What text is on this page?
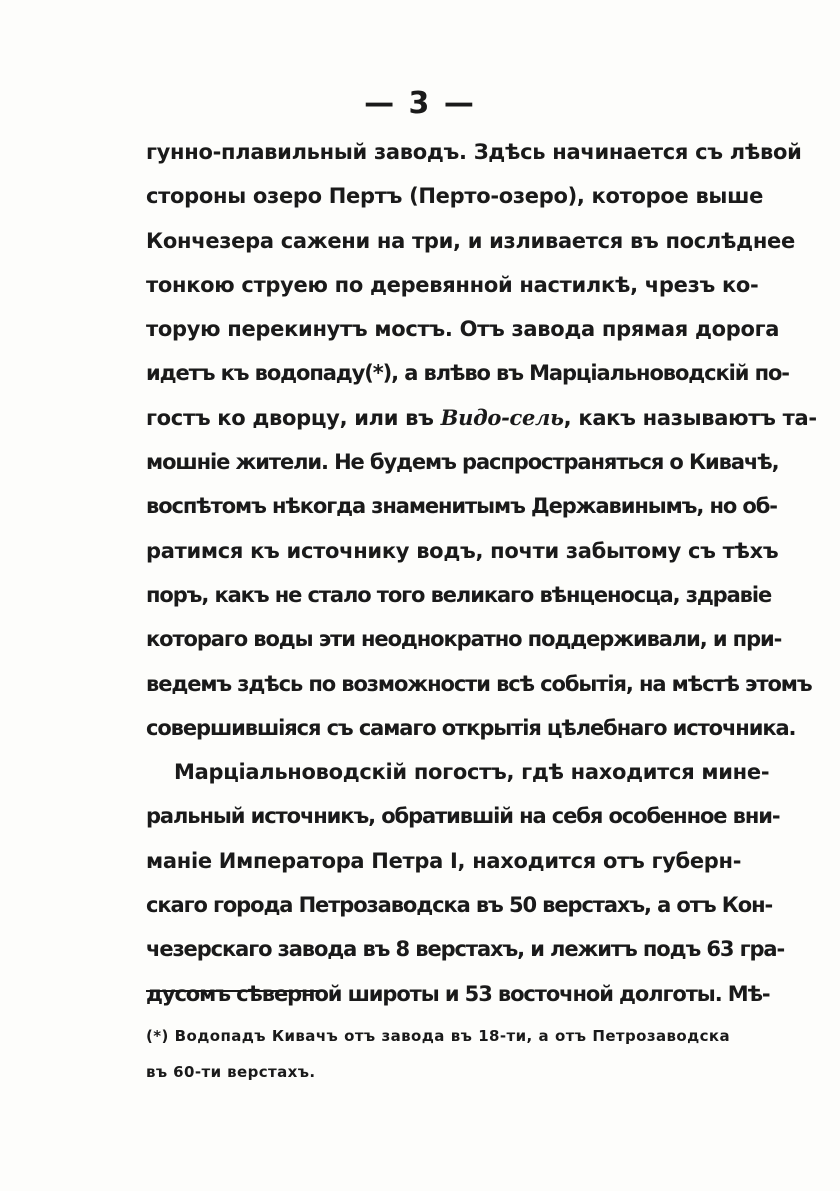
— 3 —
гунно-плавильный заводъ. Здѣсь начинается съ лѣвой
стороны озеро Пертъ (Перто-озеро), которое выше
Кончезера сажени на три, и изливается въ послѣднее
тонкою струею по деревянной настилкѣ, чрезъ ко-
торую перекинутъ мостъ. Отъ завода прямая дорога
идетъ къ водопаду(*), а влѣво въ Марціальноводскій по-
гостъ ко дворцу, или въ Видо-сель, какъ называютъ та-
мошніе жители. Не будемъ распространяться о Кивачѣ,
воспѣтомъ нѣкогда знаменитымъ Державинымъ, но об-
ратимся къ источнику водъ, почти забытому съ тѣхъ
поръ, какъ не стало того великаго вѣнценосца, здравіе
котораго воды эти неоднократно поддерживали, и при-
ведемъ здѣсь по возможности всѣ событія, на мѣстѣ этомъ
совершившіяся съ самаго открытія цѣлебнаго источника.
Марціальноводскій погостъ, гдѣ находится мине-
ральный источникъ, обратившій на себя особенное вни-
маніе Императора Петра I, находится отъ губерн-
скаго города Петрозаводска въ 50 верстахъ, а отъ Кон-
чезерскаго завода въ 8 верстахъ, и лежитъ подъ 63 гра-
дусомъ сѣверной широты и 53 восточной долготы. Мѣ-
(*) Водопадъ Кивачъ отъ завода въ 18-ти, а отъ Петрозаводска
въ 60-ти верстахъ.
